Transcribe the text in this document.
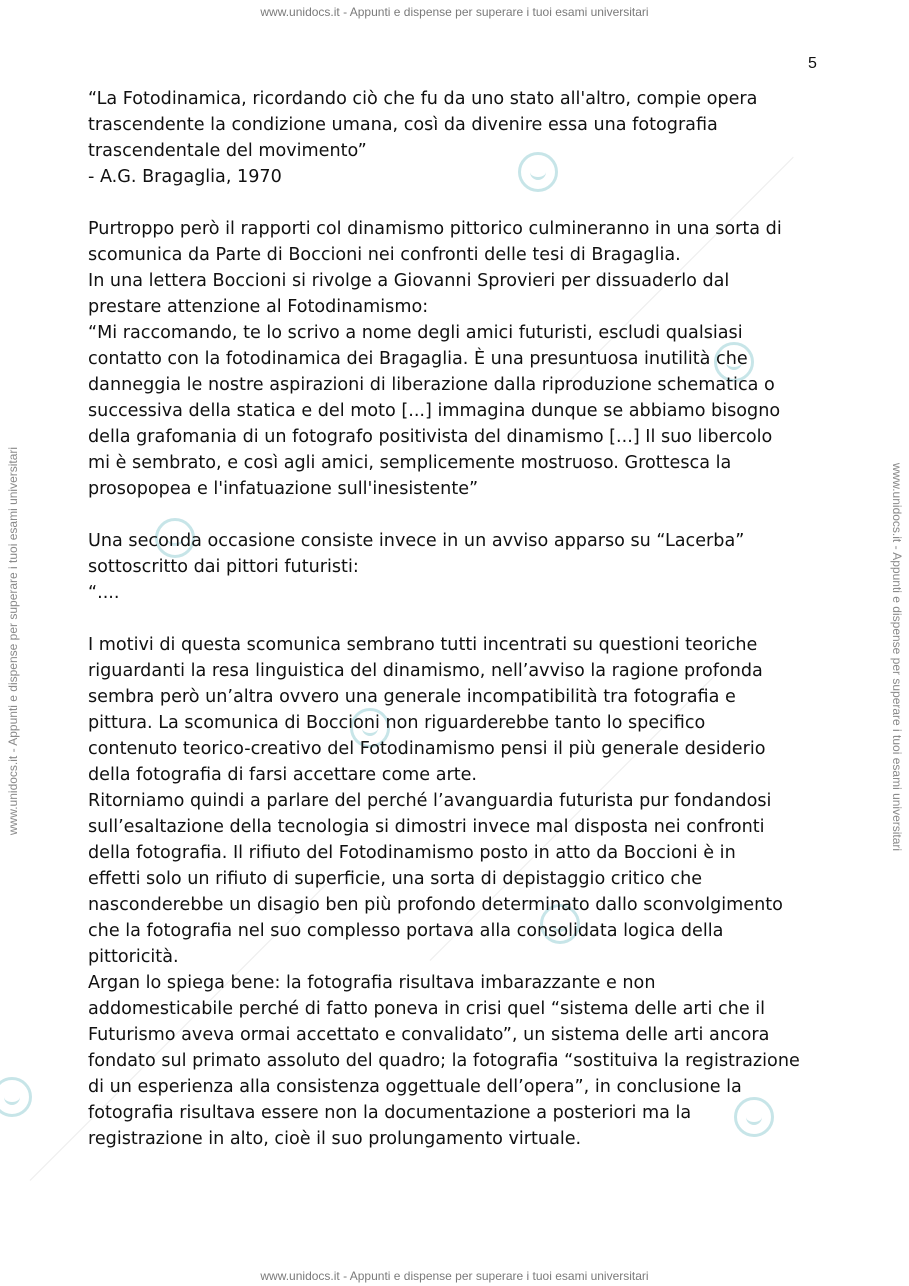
www.unidocs.it - Appunti e dispense per superare i tuoi esami universitari
www.unidocs.it - Appunti e dispense per superare i tuoi esami universitari
www.unidocs.it - Appunti e dispense per superare i tuoi esami universitari	www.unidocs.it - Appunti e dispense per superare i tuoi esami universitari
5

“La Fotodinamica, ricordando ciò che fu da uno stato all'altro, compie opera

trascendente la condizione umana, così da divenire essa una fotografia

trascendentale del movimento”

- A.G. Bragaglia, 1970

Purtroppo però il rapporti col dinamismo pittorico culmineranno in una sorta di

scomunica da Parte di Boccioni nei confronti delle tesi di Bragaglia.

In una lettera Boccioni si rivolge a Giovanni Sprovieri per dissuaderlo dal

prestare attenzione al Fotodinamismo:

“Mi raccomando, te lo scrivo a nome degli amici futuristi, escludi qualsiasi

contatto con la fotodinamica dei Bragaglia. È una presuntuosa inutilità che

danneggia le nostre aspirazioni di liberazione dalla riproduzione schematica o

successiva della statica e del moto [...] immagina dunque se abbiamo bisogno

della grafomania di un fotografo positivista del dinamismo [...] Il suo libercolo

mi è sembrato, e così agli amici, semplicemente mostruoso. Grottesca la

prosopopea e l'infatuazione sull'inesistente”

Una seconda occasione consiste invece in un avviso apparso su “Lacerba”

sottoscritto dai pittori futuristi:

“....

I motivi di questa scomunica sembrano tutti incentrati su questioni teoriche

riguardanti la resa linguistica del dinamismo, nell’avviso la ragione profonda

sembra però un’altra ovvero una generale incompatibilità tra fotografia e

pittura. La scomunica di Boccioni non riguarderebbe tanto lo specifico

contenuto teorico-creativo del Fotodinamismo pensi il più generale desiderio

della fotografia di farsi accettare come arte.

Ritorniamo quindi a parlare del perché l’avanguardia futurista pur fondandosi

sull’esaltazione della tecnologia si dimostri invece mal disposta nei confronti

della fotografia. Il rifiuto del Fotodinamismo posto in atto da Boccioni è in

effetti solo un rifiuto di superficie, una sorta di depistaggio critico che

nasconderebbe un disagio ben più profondo determinato dallo sconvolgimento

che la fotografia nel suo complesso portava alla consolidata logica della

pittoricità.

Argan lo spiega bene: la fotografia risultava imbarazzante e non

addomesticabile perché di fatto poneva in crisi quel “sistema delle arti che il

Futurismo aveva ormai accettato e convalidato”, un sistema delle arti ancora

fondato sul primato assoluto del quadro; la fotografia “sostituiva la registrazione

di un esperienza alla consistenza oggettuale dell’opera”, in conclusione la

fotografia risultava essere non la documentazione a posteriori ma la

registrazione in alto, cioè il suo prolungamento virtuale.
